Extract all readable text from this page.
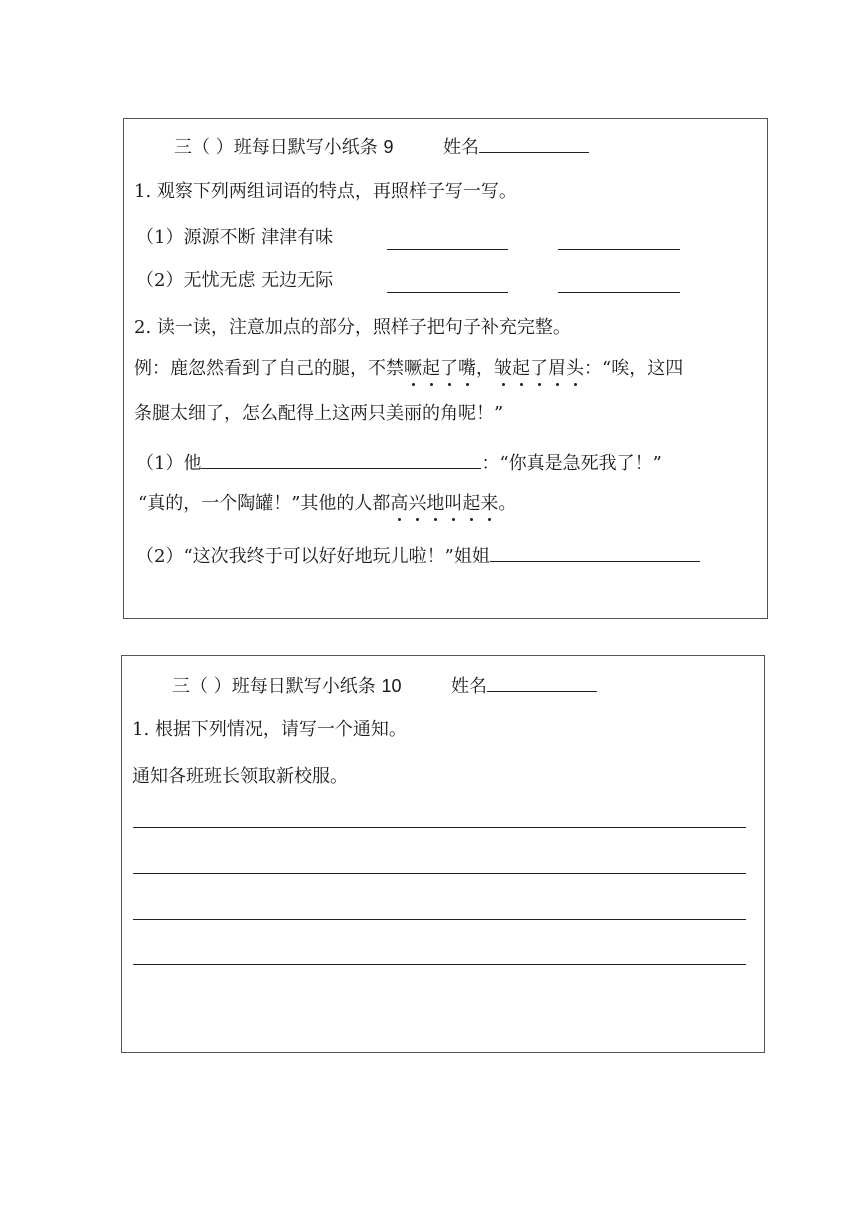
三（ ）班每日默写小纸条 9	姓名
1. 观察下列两组词语的特点，再照样子写一写。
（1）源源不断 津津有味
（2）无忧无虑 无边无际
2. 读一读，注意加点的部分，照样子把句子补充完整。
例：鹿忽然看到了自己的腿，不禁噘起了嘴，皱起了眉头：“唉，这四
条腿太细了，怎么配得上这两只美丽的角呢！”
（1）他	：“你真是急死我了！”
“真的，一个陶罐！”其他的人都高兴地叫起来。
（2）“这次我终于可以好好地玩儿啦！”姐姐
三（ ）班每日默写小纸条 10	姓名
1. 根据下列情况，请写一个通知。
通知各班班长领取新校服。
